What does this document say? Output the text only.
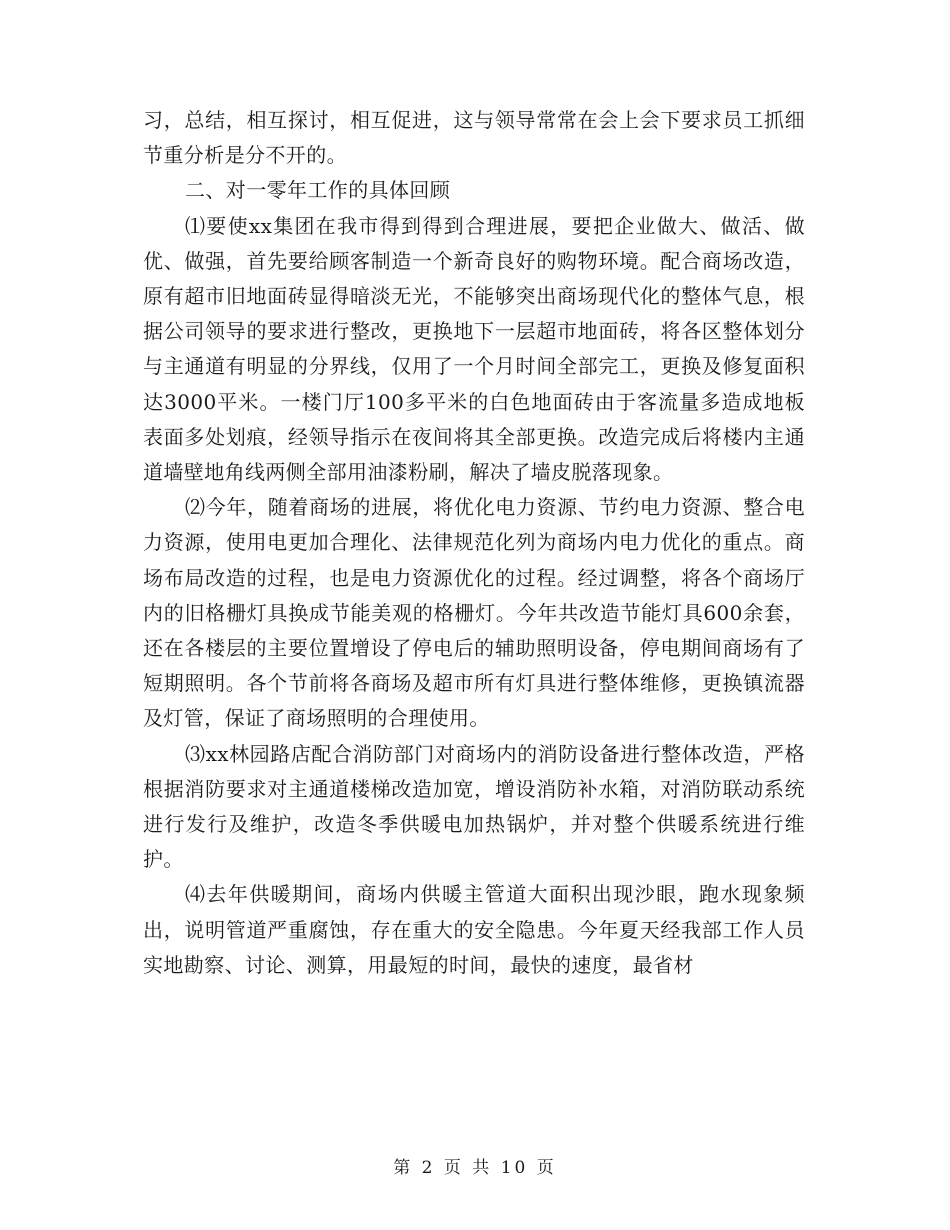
习，总结，相互探讨，相互促进，这与领导常常在会上会下要求员工抓细节重分析是分不开的。

二、对一零年工作的具体回顾

⑴要使xx集团在我市得到得到合理进展，要把企业做大、做活、做优、做强，首先要给顾客制造一个新奇良好的购物环境。配合商场改造，原有超市旧地面砖显得暗淡无光，不能够突出商场现代化的整体气息，根据公司领导的要求进行整改，更换地下一层超市地面砖，将各区整体划分与主通道有明显的分界线，仅用了一个月时间全部完工，更换及修复面积达3000平米。一楼门厅100多平米的白色地面砖由于客流量多造成地板表面多处划痕，经领导指示在夜间将其全部更换。改造完成后将楼内主通道墙壁地角线两侧全部用油漆粉刷，解决了墙皮脱落现象。

⑵今年，随着商场的进展，将优化电力资源、节约电力资源、整合电力资源，使用电更加合理化、法律规范化列为商场内电力优化的重点。商场布局改造的过程，也是电力资源优化的过程。经过调整，将各个商场厅内的旧格栅灯具换成节能美观的格栅灯。今年共改造节能灯具600余套，还在各楼层的主要位置增设了停电后的辅助照明设备，停电期间商场有了短期照明。各个节前将各商场及超市所有灯具进行整体维修，更换镇流器及灯管，保证了商场照明的合理使用。

⑶xx林园路店配合消防部门对商场内的消防设备进行整体改造，严格根据消防要求对主通道楼梯改造加宽，增设消防补水箱，对消防联动系统进行发行及维护，改造冬季供暖电加热锅炉，并对整个供暖系统进行维护。

⑷去年供暖期间，商场内供暖主管道大面积出现沙眼，跑水现象频出，说明管道严重腐蚀，存在重大的安全隐患。今年夏天经我部工作人员实地勘察、讨论、测算，用最短的时间，最快的速度，最省材

第 2 页 共 10 页
